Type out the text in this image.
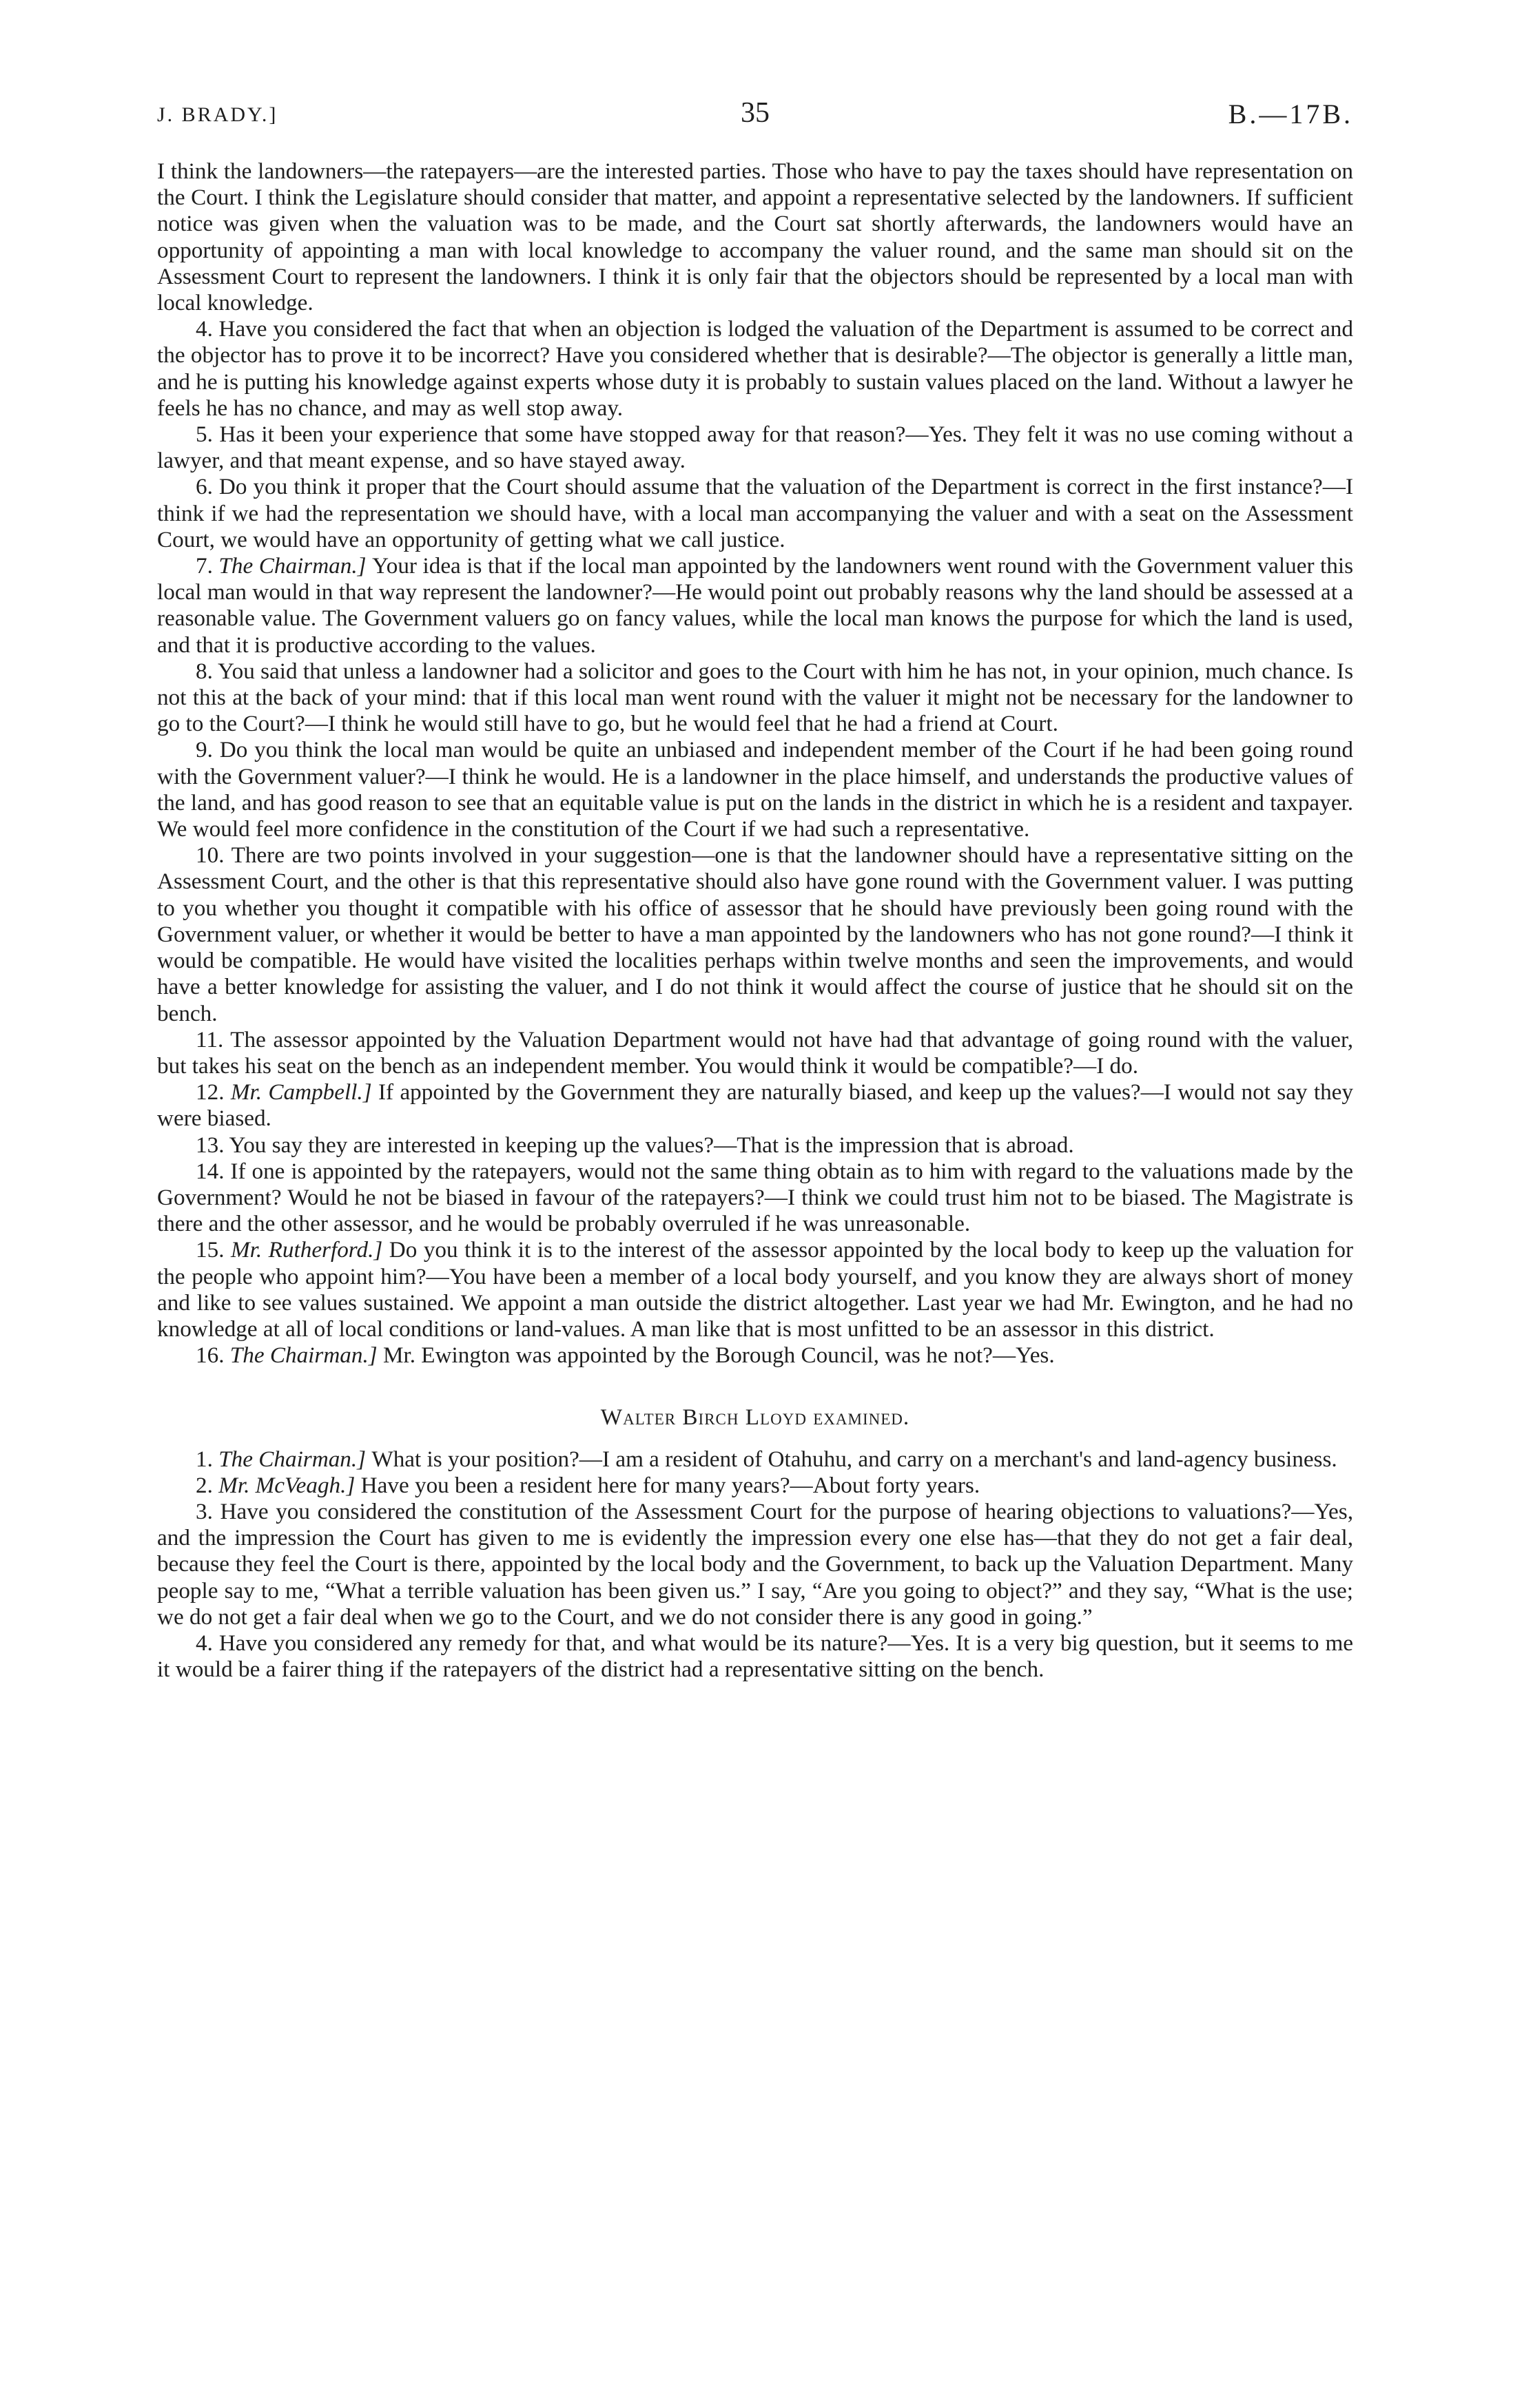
J. BRADY.]	35	B.—17B.

I think the landowners—the ratepayers—are the interested parties. Those who have to pay the taxes should have representation on the Court. I think the Legislature should consider that matter, and appoint a representative selected by the landowners. If sufficient notice was given when the valuation was to be made, and the Court sat shortly afterwards, the landowners would have an opportunity of appointing a man with local knowledge to accompany the valuer round, and the same man should sit on the Assessment Court to represent the landowners. I think it is only fair that the objectors should be represented by a local man with local knowledge.

4. Have you considered the fact that when an objection is lodged the valuation of the Department is assumed to be correct and the objector has to prove it to be incorrect? Have you considered whether that is desirable?—The objector is generally a little man, and he is putting his knowledge against experts whose duty it is probably to sustain values placed on the land. Without a lawyer he feels he has no chance, and may as well stop away.

5. Has it been your experience that some have stopped away for that reason?—Yes. They felt it was no use coming without a lawyer, and that meant expense, and so have stayed away.

6. Do you think it proper that the Court should assume that the valuation of the Department is correct in the first instance?—I think if we had the representation we should have, with a local man accompanying the valuer and with a seat on the Assessment Court, we would have an opportunity of getting what we call justice.

7. The Chairman.] Your idea is that if the local man appointed by the landowners went round with the Government valuer this local man would in that way represent the landowner?—He would point out probably reasons why the land should be assessed at a reasonable value. The Government valuers go on fancy values, while the local man knows the purpose for which the land is used, and that it is productive according to the values.

8. You said that unless a landowner had a solicitor and goes to the Court with him he has not, in your opinion, much chance. Is not this at the back of your mind: that if this local man went round with the valuer it might not be necessary for the landowner to go to the Court?—I think he would still have to go, but he would feel that he had a friend at Court.

9. Do you think the local man would be quite an unbiased and independent member of the Court if he had been going round with the Government valuer?—I think he would. He is a landowner in the place himself, and understands the productive values of the land, and has good reason to see that an equitable value is put on the lands in the district in which he is a resident and taxpayer. We would feel more confidence in the constitution of the Court if we had such a representative.

10. There are two points involved in your suggestion—one is that the landowner should have a representative sitting on the Assessment Court, and the other is that this representative should also have gone round with the Government valuer. I was putting to you whether you thought it compatible with his office of assessor that he should have previously been going round with the Government valuer, or whether it would be better to have a man appointed by the landowners who has not gone round?—I think it would be compatible. He would have visited the localities perhaps within twelve months and seen the improvements, and would have a better knowledge for assisting the valuer, and I do not think it would affect the course of justice that he should sit on the bench.

11. The assessor appointed by the Valuation Department would not have had that advantage of going round with the valuer, but takes his seat on the bench as an independent member. You would think it would be compatible?—I do.

12. Mr. Campbell.] If appointed by the Government they are naturally biased, and keep up the values?—I would not say they were biased.

13. You say they are interested in keeping up the values?—That is the impression that is abroad.

14. If one is appointed by the ratepayers, would not the same thing obtain as to him with regard to the valuations made by the Government? Would he not be biased in favour of the ratepayers?—I think we could trust him not to be biased. The Magistrate is there and the other assessor, and he would be probably overruled if he was unreasonable.

15. Mr. Rutherford.] Do you think it is to the interest of the assessor appointed by the local body to keep up the valuation for the people who appoint him?—You have been a member of a local body yourself, and you know they are always short of money and like to see values sustained. We appoint a man outside the district altogether. Last year we had Mr. Ewington, and he had no knowledge at all of local conditions or land-values. A man like that is most unfitted to be an assessor in this district.

16. The Chairman.] Mr. Ewington was appointed by the Borough Council, was he not?—Yes.

Walter Birch Lloyd examined.

1. The Chairman.] What is your position?—I am a resident of Otahuhu, and carry on a merchant's and land-agency business.

2. Mr. McVeagh.] Have you been a resident here for many years?—About forty years.

3. Have you considered the constitution of the Assessment Court for the purpose of hearing objections to valuations?—Yes, and the impression the Court has given to me is evidently the impression every one else has—that they do not get a fair deal, because they feel the Court is there, appointed by the local body and the Government, to back up the Valuation Department. Many people say to me, “What a terrible valuation has been given us.” I say, “Are you going to object?” and they say, “What is the use; we do not get a fair deal when we go to the Court, and we do not consider there is any good in going.”

4. Have you considered any remedy for that, and what would be its nature?—Yes. It is a very big question, but it seems to me it would be a fairer thing if the ratepayers of the district had a representative sitting on the bench.
